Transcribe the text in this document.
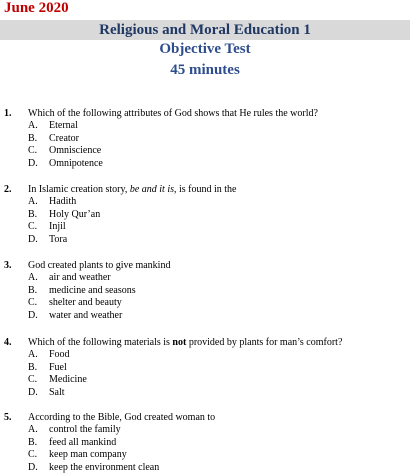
June 2020

Religious and Moral Education 1

Objective Test

45 minutes

1. Which of the following attributes of God shows that He rules the world?
A. Eternal
B. Creator
C. Omniscience
D. Omnipotence
2. In Islamic creation story, be and it is, is found in the
A. Hadith
B. Holy Qur’an
C. Injil
D. Tora
3. God created plants to give mankind
A. air and weather
B. medicine and seasons
C. shelter and beauty
D. water and weather
4. Which of the following materials is not provided by plants for man’s comfort?
A. Food
B. Fuel
C. Medicine
D. Salt
5. According to the Bible, God created woman to
A. control the family
B. feed all mankind
C. keep man company
D. keep the environment clean
